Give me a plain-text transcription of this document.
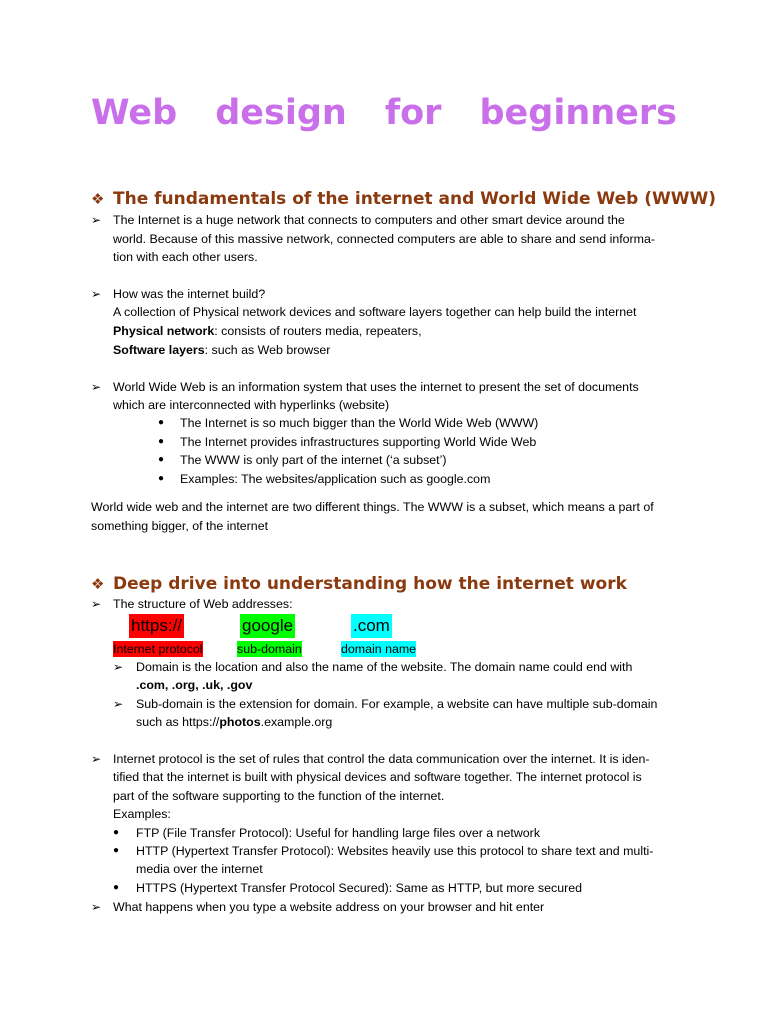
Web design for beginners
❖ The fundamentals of the internet and World Wide Web (WWW)
➢ The Internet is a huge network that connects to computers and other smart device around the
world. Because of this massive network, connected computers are able to share and send informa-
tion with each other users.
➢ How was the internet build?
A collection of Physical network devices and software layers together can help build the internet
Physical network: consists of routers media, repeaters,
Software layers: such as Web browser
➢ World Wide Web is an information system that uses the internet to present the set of documents
which are interconnected with hyperlinks (website)
● The Internet is so much bigger than the World Wide Web (WWW)
● The Internet provides infrastructures supporting World Wide Web
● The WWW is only part of the internet (‘a subset’)
● Examples: The websites/application such as google.com
World wide web and the internet are two different things. The WWW is a subset, which means a part of
something bigger, of the internet
❖ Deep drive into understanding how the internet work
➢ The structure of Web addresses:
https://	google	.com
Internet protocol	sub-domain	domain name
➢ Domain is the location and also the name of the website. The domain name could end with
.com, .org, .uk, .gov
➢ Sub-domain is the extension for domain. For example, a website can have multiple sub-domain
such as https://photos.example.org
➢ Internet protocol is the set of rules that control the data communication over the internet. It is iden-
tified that the internet is built with physical devices and software together. The internet protocol is
part of the software supporting to the function of the internet.
Examples:
● FTP (File Transfer Protocol): Useful for handling large files over a network
● HTTP (Hypertext Transfer Protocol): Websites heavily use this protocol to share text and multi-
media over the internet
● HTTPS (Hypertext Transfer Protocol Secured): Same as HTTP, but more secured
➢ What happens when you type a website address on your browser and hit enter
